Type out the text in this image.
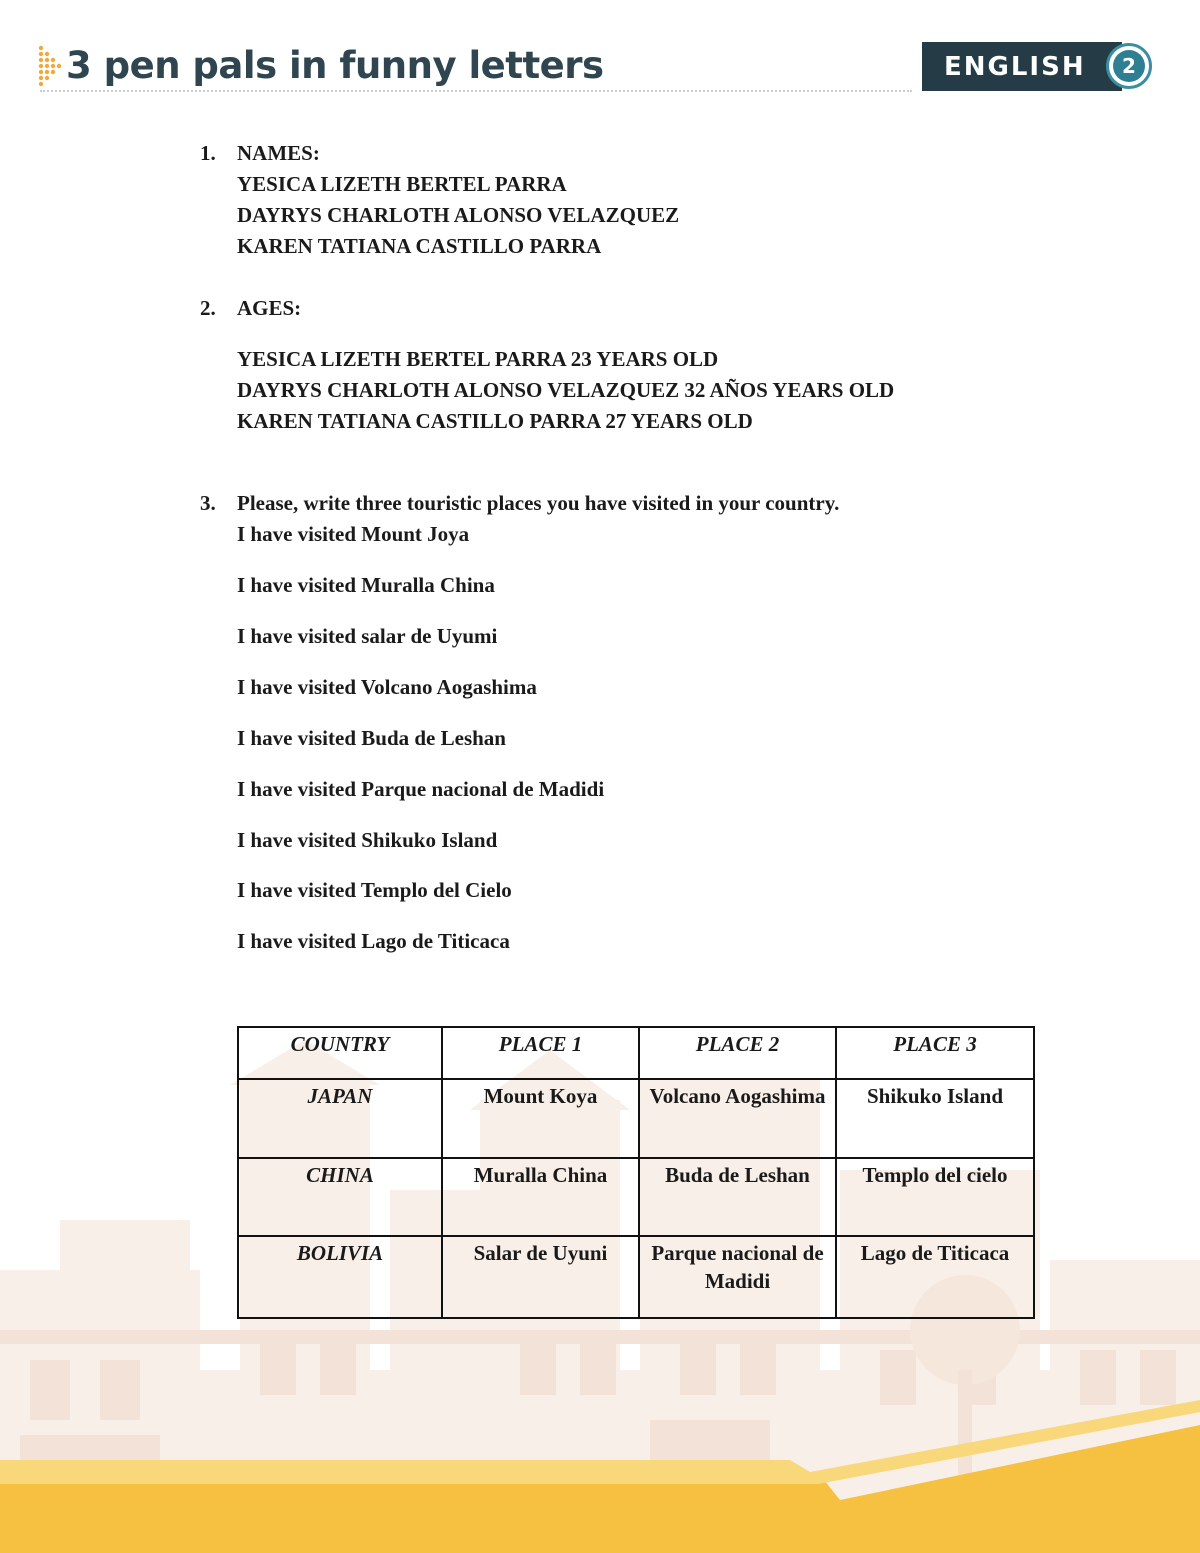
3 pen pals in funny letters	ENGLISH	2
1. NAMES:
YESICA LIZETH BERTEL PARRA
DAYRYS CHARLOTH ALONSO VELAZQUEZ
KAREN TATIANA CASTILLO PARRA
2. AGES:
YESICA LIZETH BERTEL PARRA 23 YEARS OLD
DAYRYS CHARLOTH ALONSO VELAZQUEZ 32 AÑOS YEARS OLD
KAREN TATIANA CASTILLO PARRA 27 YEARS OLD
3. Please, write three touristic places you have visited in your country.
I have visited Mount Joya
I have visited Muralla China
I have visited salar de Uyumi
I have visited Volcano Aogashima
I have visited Buda de Leshan
I have visited Parque nacional de Madidi
I have visited Shikuko Island
I have visited Templo del Cielo
I have visited Lago de Titicaca
COUNTRY	PLACE 1	PLACE 2	PLACE 3
JAPAN	Mount Koya	Volcano Aogashima	Shikuko Island
CHINA	Muralla China	Buda de Leshan	Templo del cielo
BOLIVIA	Salar de Uyuni	Parque nacional de Madidi	Lago de Titicaca
